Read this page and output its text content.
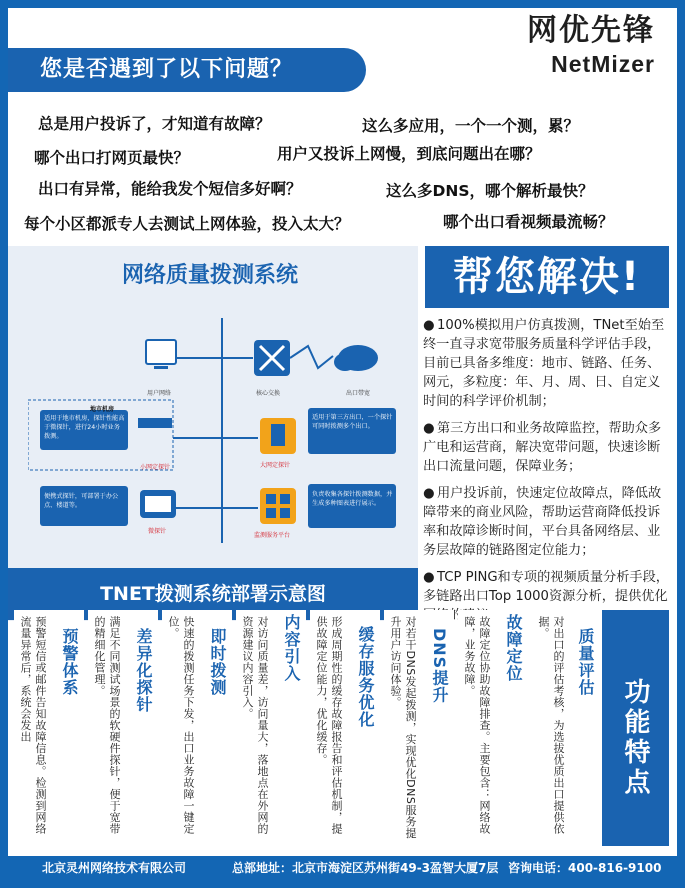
您是否遇到了以下问题？
网优先锋
NetMizer
总是用户投诉了，才知道有故障？	这么多应用，一个一个测，累？
哪个出口打网页最快？	用户又投诉上网慢，到底问题出在哪？
出口有异常，能给我发个短信多好啊？	这么多DNS，哪个解析最快？
每个小区都派专人去测试上网体验，投入太大？	哪个出口看视频最流畅？
网络质量拨测系统	帮您解决!

● 100%模拟用户仿真拨测，TNet至始至终一直寻求宽带服务质量科学评估手段，目前已具备多维度：地市、链路、任务、网元，多粒度：年、月、周、日、自定义时间的科学评价机制；

● 第三方出口和业务故障监控，帮助众多广电和运营商，解决宽带问题，快速诊断出口流量问题，保障业务；

● 用户投诉前，快速定位故障点，降低故障带来的商业风险，帮助运营商降低投诉率和故障诊断时间，平台具备网络层、业务层故障的链路图定位能力；

● TCP PING和专项的视频质量分析手段，多链路出口Top 1000资源分析，提供优化 的

用户网络	核心交换	出口带宽
地市机房
适用于地市机房，探针性能高于微探针，进行24小时业务拨测。
小网定探针
适用于第三方出口，一个探针可同时拨测多个出口。
大网定探针
便携式探针，可部署于办公点、楼道等。
微探针
负责收集各探针拨测数据，并生成多种图表进行展示。
监测服务平台
TNET拨测系统部署示意图
功能特点
预警体系
预警短信或邮件告知故障信息。检测到网络流量异常后，系统会发出	差异化探针
满足不同测试场景的软硬件探针，便于宽带的精细化管理。	即时拨测
快速的拨测任务下发，出口业务故障一键定位。	内容引入
对访问质量差，访问量大，落地点在外网的资源建议内容引入。	缓存服务优化
形成周期性的缓存故障报告和评估机制，提供故障定位能力，优化缓存。	DNS提升
对若干DNS发起拨测，实现优化DNS服务提升用户访问体验。	故障定位
故障定位协助故障排查。主要包含：网络故障，业务故障。	质量评估
对出口的评估考核，为选拔优质出口提供依据。
北京灵州网络技术有限公司	总部地址：北京市海淀区苏州街49-3盈智大厦7层 咨询电话：400-816-9100
